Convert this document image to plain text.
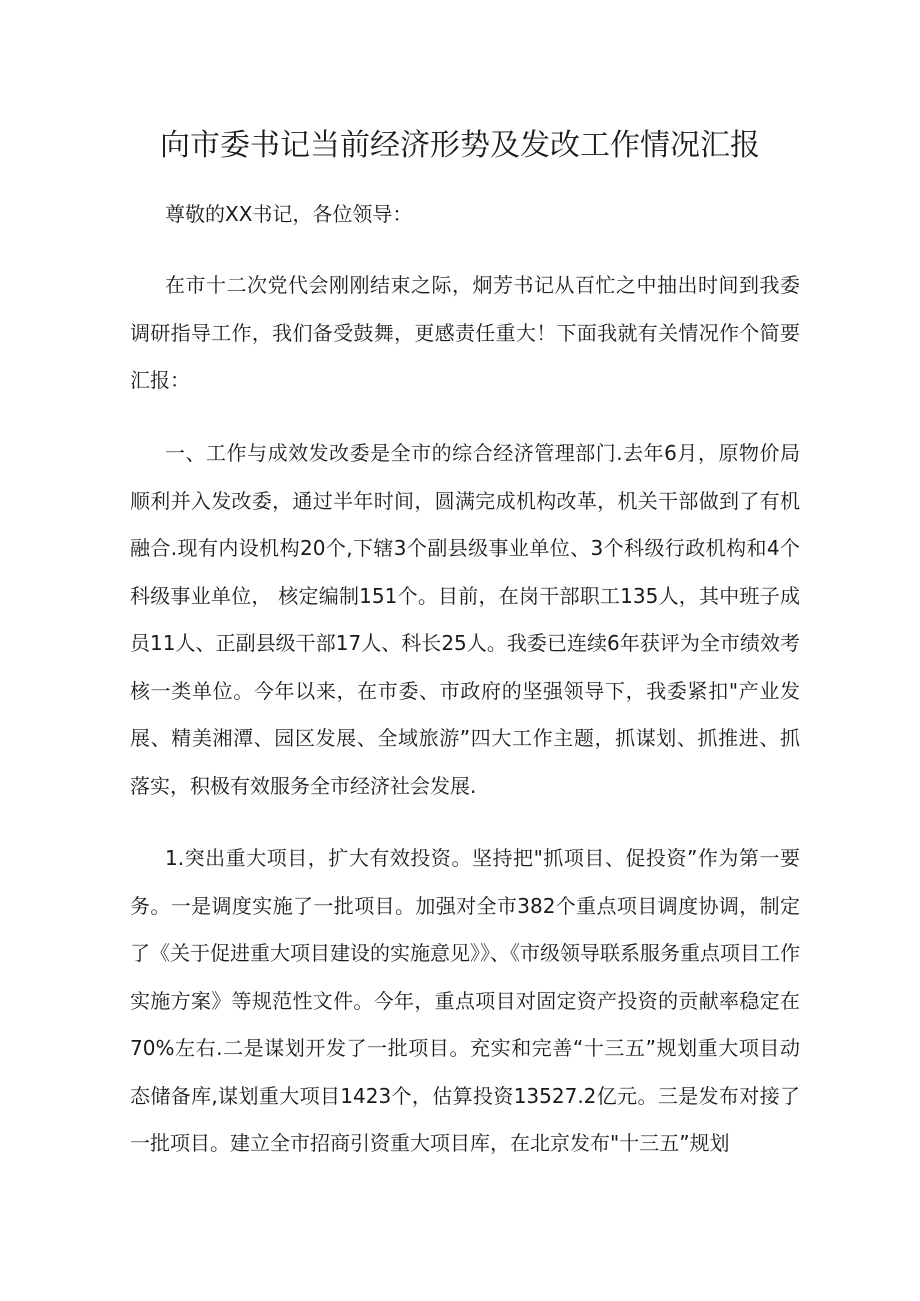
向市委书记当前经济形势及发改工作情况汇报

尊敬的XX书记，各位领导：

在市十二次党代会刚刚结束之际，炯芳书记从百忙之中抽出时间到我委调研指导工作，我们备受鼓舞，更感责任重大！下面我就有关情况作个简要汇报：

一、工作与成效发改委是全市的综合经济管理部门.去年6月，原物价局顺利并入发改委，通过半年时间，圆满完成机构改革，机关干部做到了有机融合.现有内设机构20个,下辖3个副县级事业单位、3个科级行政机构和4个科级事业单位， 核定编制151个。目前，在岗干部职工135人，其中班子成员11人、正副县级干部17人、科长25人。我委已连续6年获评为全市绩效考核一类单位。今年以来，在市委、市政府的坚强领导下，我委紧扣"产业发展、精美湘潭、园区发展、全域旅游”四大工作主题，抓谋划、抓推进、抓落实，积极有效服务全市经济社会发展.

1.突出重大项目，扩大有效投资。坚持把"抓项目、促投资”作为第一要务。一是调度实施了一批项目。加强对全市382个重点项目调度协调，制定了《关于促进重大项目建设的实施意见》》、《市级领导联系服务重点项目工作实施方案》等规范性文件。今年，重点项目对固定资产投资的贡献率稳定在70%左右.二是谋划开发了一批项目。充实和完善“十三五”规划重大项目动态储备库,谋划重大项目1423个，估算投资13527.2亿元。三是发布对接了一批项目。建立全市招商引资重大项目库，在北京发布"十三五”规划
